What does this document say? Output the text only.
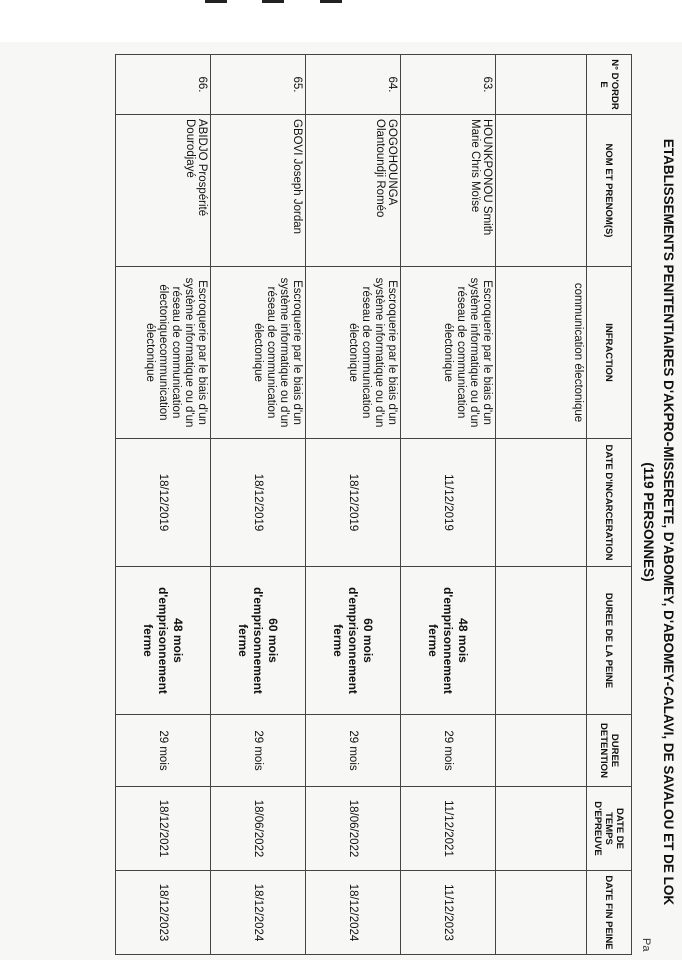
ETABLISSEMENTS PENITENTIAIRES D'AKPRO-MISSERETE, D'ABOMEY, D'ABOMEY-CALAVI, DE SAVALOU ET DE LOK
(119 PERSONNES)
N° D'ORDR E	NOM ET PRENOM(S)	INFRACTION	DATE D'INCARCERATION	DUREE DE LA PEINE	DUREE DETENTION	DATE DE TEMPS D'EPREUVE	DATE FIN PEINE
		communication électonique					
63.	HOUNKPONOU Smith Marie Chris Moïse	Escroquerie par le biais d'un système informatique ou d'un réseau de communication électonique	11/12/2019	48 mois d'emprisonnement ferme	29 mois	11/12/2021	11/12/2023
64.	GOGOHOUNGA Olantoundji Roméo	Escroquerie par le biais d'un système informatique ou d'un réseau de communication électonique	18/12/2019	60 mois d'emprisonnement ferme	29 mois	18/06/2022	18/12/2024
65.	GBOVI Joseph Jordan	Escroquerie par le biais d'un système informatique ou d'un réseau de communication électonique	18/12/2019	60 mois d'emprisonnement ferme	29 mois	18/06/2022	18/12/2024
66.	ABIDJO Prospérité Dourodjayé	Escroquerie par le biais d'un système informatique ou d'un réseau de communication électoniquecommunication électonique	18/12/2019	48 mois d'emprisonnement ferme	29 mois	18/12/2021	18/12/2023
Pa
